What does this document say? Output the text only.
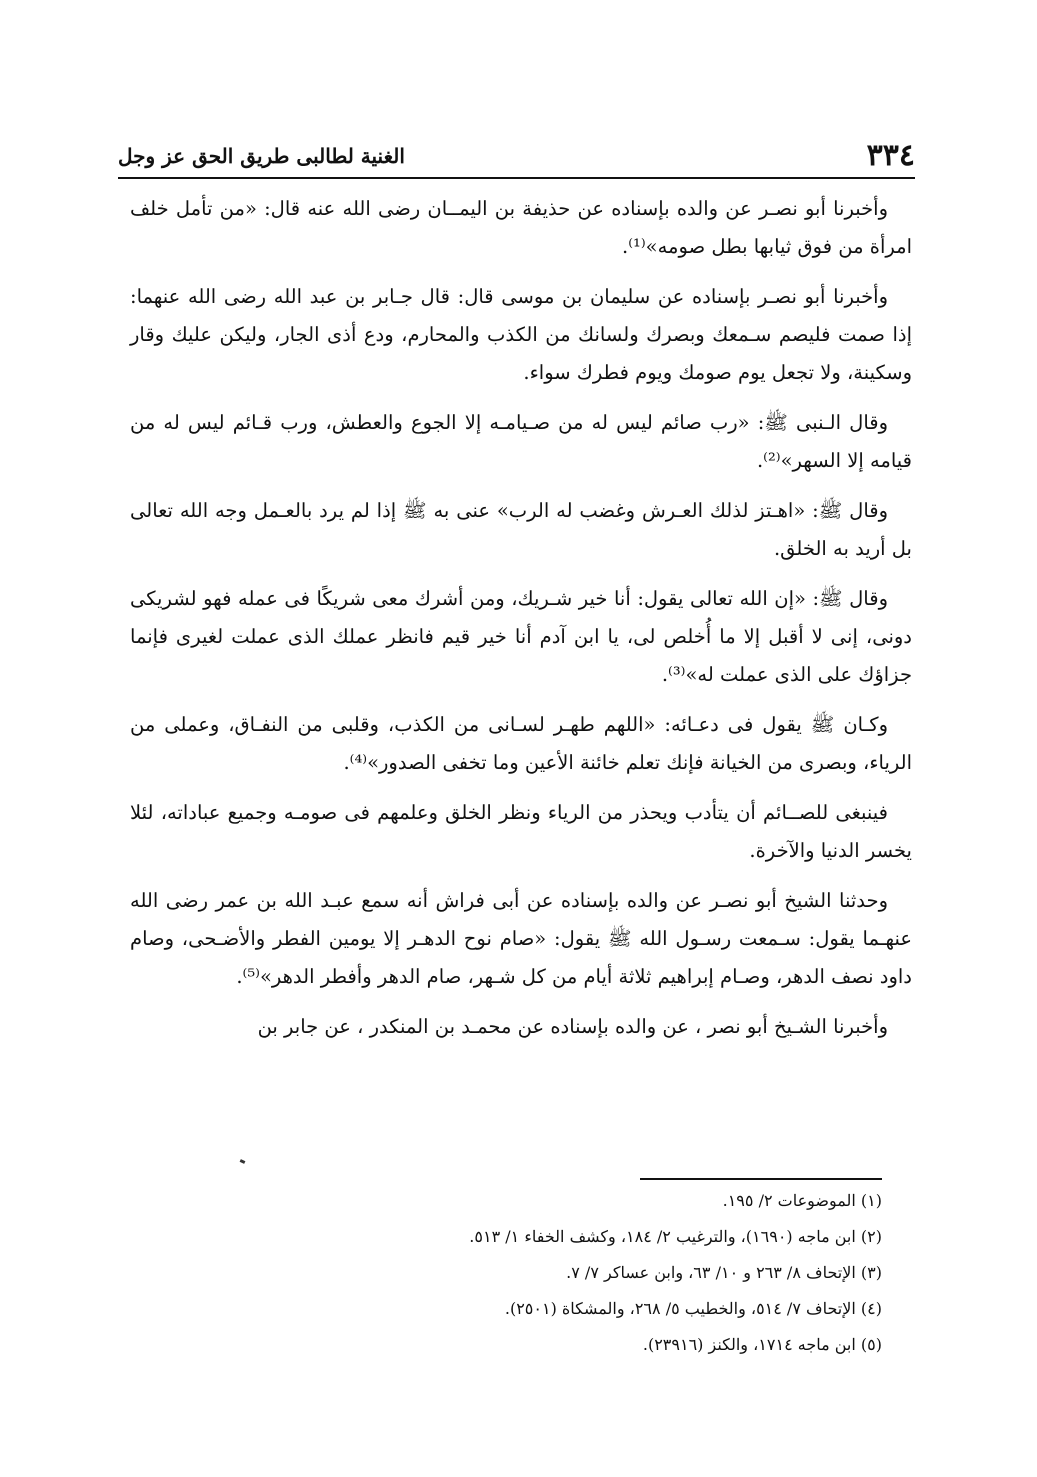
٣٣٤
الغنية لطالبى طريق الحق عز وجل

وأخبرنا أبو نصـر عن والده بإسناده عن حذيفة بن اليمــان رضى الله عنه قال: «من تأمل خلف امرأة من فوق ثيابها بطل صومه»⁽¹⁾.

وأخبرنا أبو نصـر بإسناده عن سليمان بن موسى قال: قال جـابر بن عبد الله رضى الله عنهما: إذا صمت فليصم سـمعك وبصرك ولسانك من الكذب والمحارم، ودع أذى الجار، وليكن عليك وقار وسكينة، ولا تجعل يوم صومك ويوم فطرك سواء.

وقال الـنبى ﷺ: «رب صائم ليس له من صـيامـه إلا الجوع والعطش، ورب قـائم ليس له من قيامه إلا السهر»⁽²⁾.

وقال ﷺ: «اهـتز لذلك العـرش وغضب له الرب» عنى به ﷺ إذا لم يرد بالعـمل وجه الله تعالى بل أريد به الخلق.

وقال ﷺ: «إن الله تعالى يقول: أنا خير شـريك، ومن أشرك معى شريكًا فى عمله فهو لشريكى دونى، إنى لا أقبل إلا ما أُخلص لى، يا ابن آدم أنا خير قيم فانظر عملك الذى عملت لغيرى فإنما جزاؤك على الذى عملت له»⁽³⁾.

وكـان ﷺ يقول فى دعـائه: «اللهم طهـر لسـانى من الكذب، وقلبى من النفـاق، وعملى من الرياء، وبصرى من الخيانة فإنك تعلم خائنة الأعين وما تخفى الصدور»⁽⁴⁾.

فينبغى للصــائم أن يتأدب ويحذر من الرياء ونظر الخلق وعلمهم فى صومـه وجميع عباداته، لئلا يخسر الدنيا والآخرة.

وحدثنا الشيخ أبو نصـر عن والده بإسناده عن أبى فراش أنه سمع عبـد الله بن عمر رضى الله عنهـما يقول: سـمعت رسـول الله ﷺ يقول: «صام نوح الدهـر إلا يومين الفطر والأضـحى، وصام داود نصف الدهر، وصـام إبراهيم ثلاثة أيام من كل شـهر، صام الدهر وأفطر الدهر»⁽⁵⁾.

وأخبرنا الشـيخ أبو نصر ، عن والده بإسناده عن محمـد بن المنكدر ، عن جابر بن

(١) الموضوعات ٢/ ١٩٥.

(٢) ابن ماجه (١٦٩٠)، والترغيب ٢/ ١٨٤، وكشف الخفاء ١/ ٥١٣.

(٣) الإتحاف ٨/ ٢٦٣ و ١٠/ ٦٣، وابن عساكر ٧/ ٧.

(٤) الإتحاف ٧/ ٥١٤، والخطيب ٥/ ٢٦٨، والمشكاة (٢٥٠١).

(٥) ابن ماجه ١٧١٤، والكنز (٢٣٩١٦).
